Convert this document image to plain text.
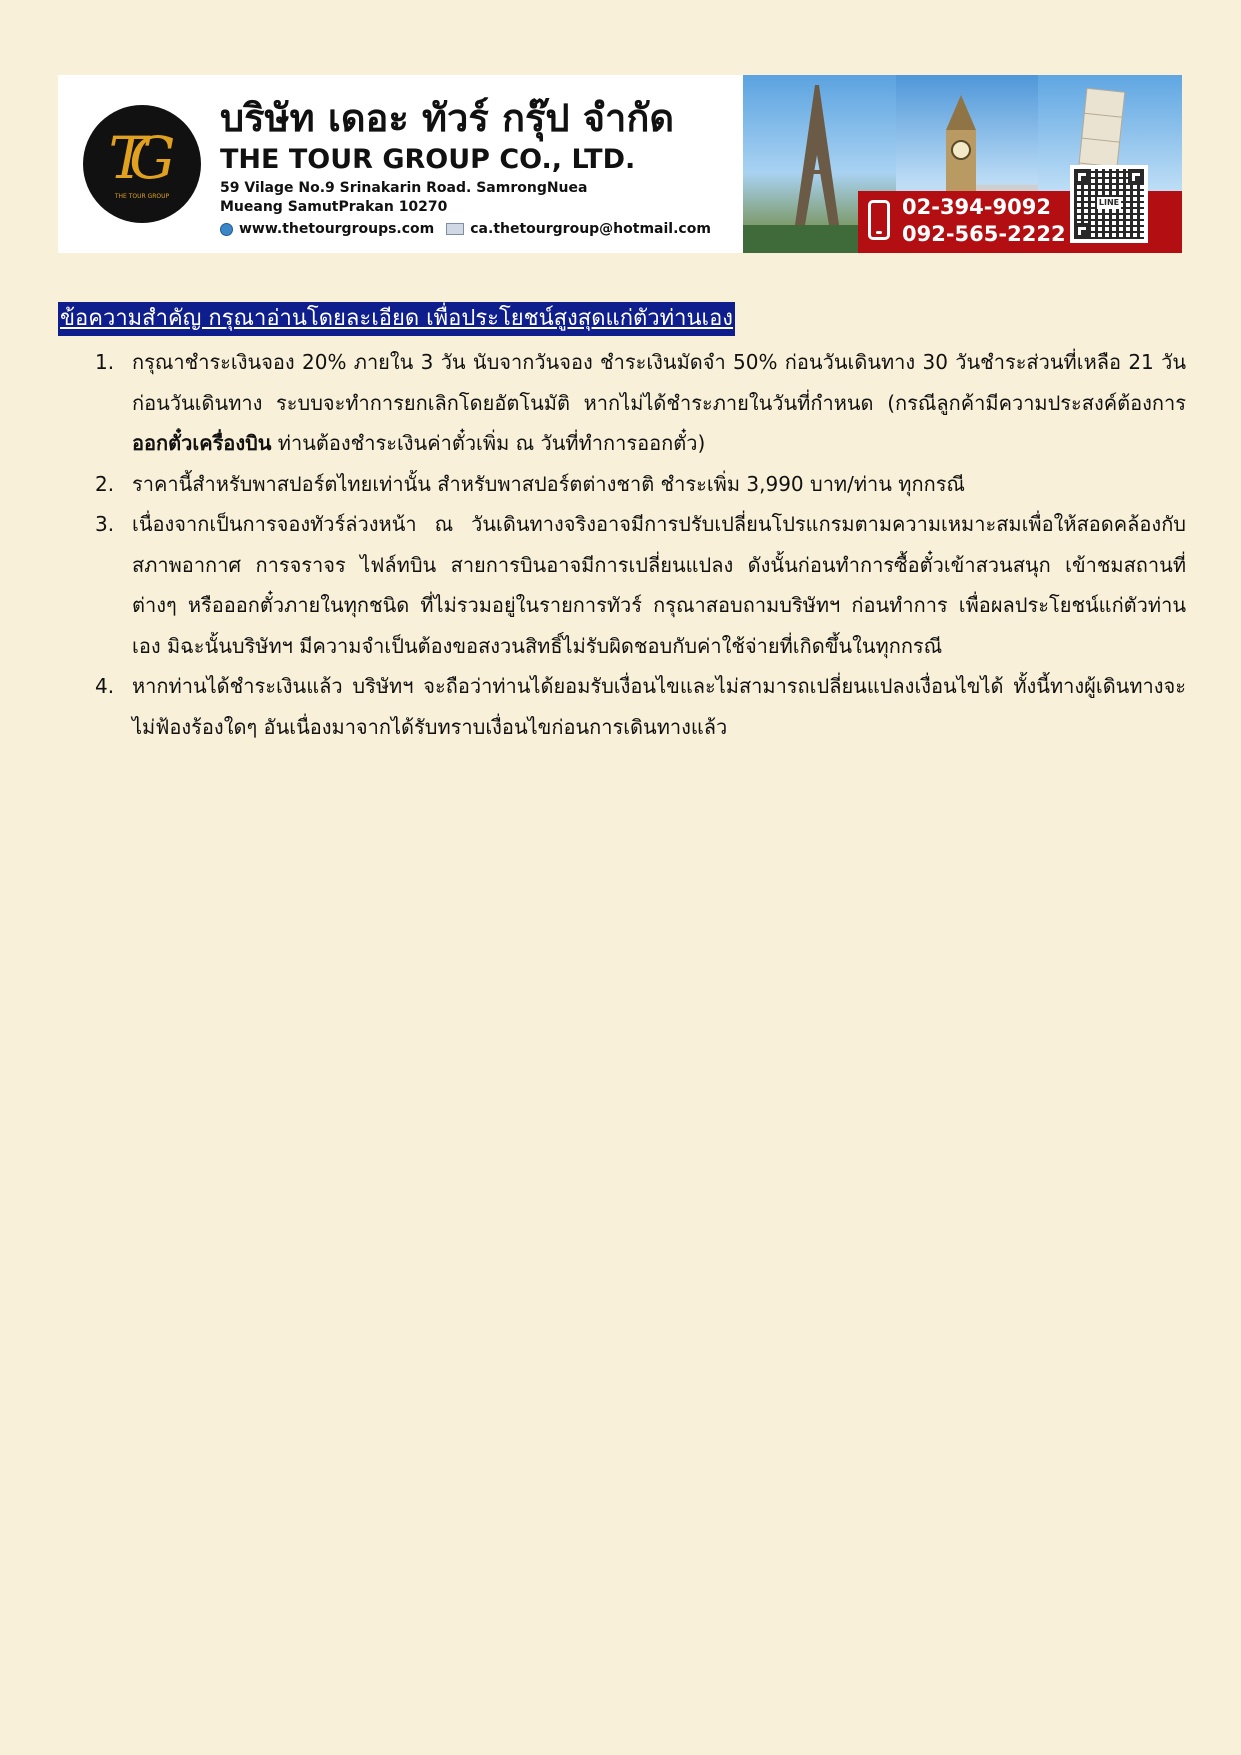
TG
THE TOUR GROUP
บริษัท เดอะ ทัวร์ กรุ๊ป จำกัด
THE TOUR GROUP CO., LTD.
59 Vilage No.9 Srinakarin Road. SamrongNuea
Mueang SamutPrakan 10270
www.thetourgroups.com	ca.thetourgroup@hotmail.com
02-394-9092
092-565-2222
LINE
ข้อความสำคัญ กรุณาอ่านโดยละเอียด เพื่อประโยชน์สูงสุดแก่ตัวท่านเอง
1. กรุณาชำระเงินจอง 20% ภายใน 3 วัน นับจากวันจอง ชำระเงินมัดจำ 50% ก่อนวันเดินทาง 30 วันชำระส่วนที่เหลือ 21 วัน ก่อนวันเดินทาง ระบบจะทำการยกเลิกโดยอัตโนมัติ หากไม่ได้ชำระภายในวันที่กำหนด (กรณีลูกค้ามีความประสงค์ต้องการออกตั๋วเครื่องบิน ท่านต้องชำระเงินค่าตั๋วเพิ่ม ณ วันที่ทำการออกตั๋ว)
2. ราคานี้สำหรับพาสปอร์ตไทยเท่านั้น สำหรับพาสปอร์ตต่างชาติ ชำระเพิ่ม 3,990 บาท/ท่าน ทุกกรณี
3. เนื่องจากเป็นการจองทัวร์ล่วงหน้า ณ วันเดินทางจริงอาจมีการปรับเปลี่ยนโปรแกรมตามความเหมาะสมเพื่อให้สอดคล้องกับสภาพอากาศ การจราจร ไฟล์ทบิน สายการบินอาจมีการเปลี่ยนแปลง ดังนั้นก่อนทำการซื้อตั๋วเข้าสวนสนุก เข้าชมสถานที่ต่างๆ หรือออกตั๋วภายในทุกชนิด ที่ไม่รวมอยู่ในรายการทัวร์ กรุณาสอบถามบริษัทฯ ก่อนทำการ เพื่อผลประโยชน์แก่ตัวท่านเอง มิฉะนั้นบริษัทฯ มีความจำเป็นต้องขอสงวนสิทธิ์ไม่รับผิดชอบกับค่าใช้จ่ายที่เกิดขึ้นในทุกกรณี
4. หากท่านได้ชำระเงินแล้ว บริษัทฯ จะถือว่าท่านได้ยอมรับเงื่อนไขและไม่สามารถเปลี่ยนแปลงเงื่อนไขได้ ทั้งนี้ทางผู้เดินทางจะไม่ฟ้องร้องใดๆ อันเนื่องมาจากได้รับทราบเงื่อนไขก่อนการเดินทางแล้ว
